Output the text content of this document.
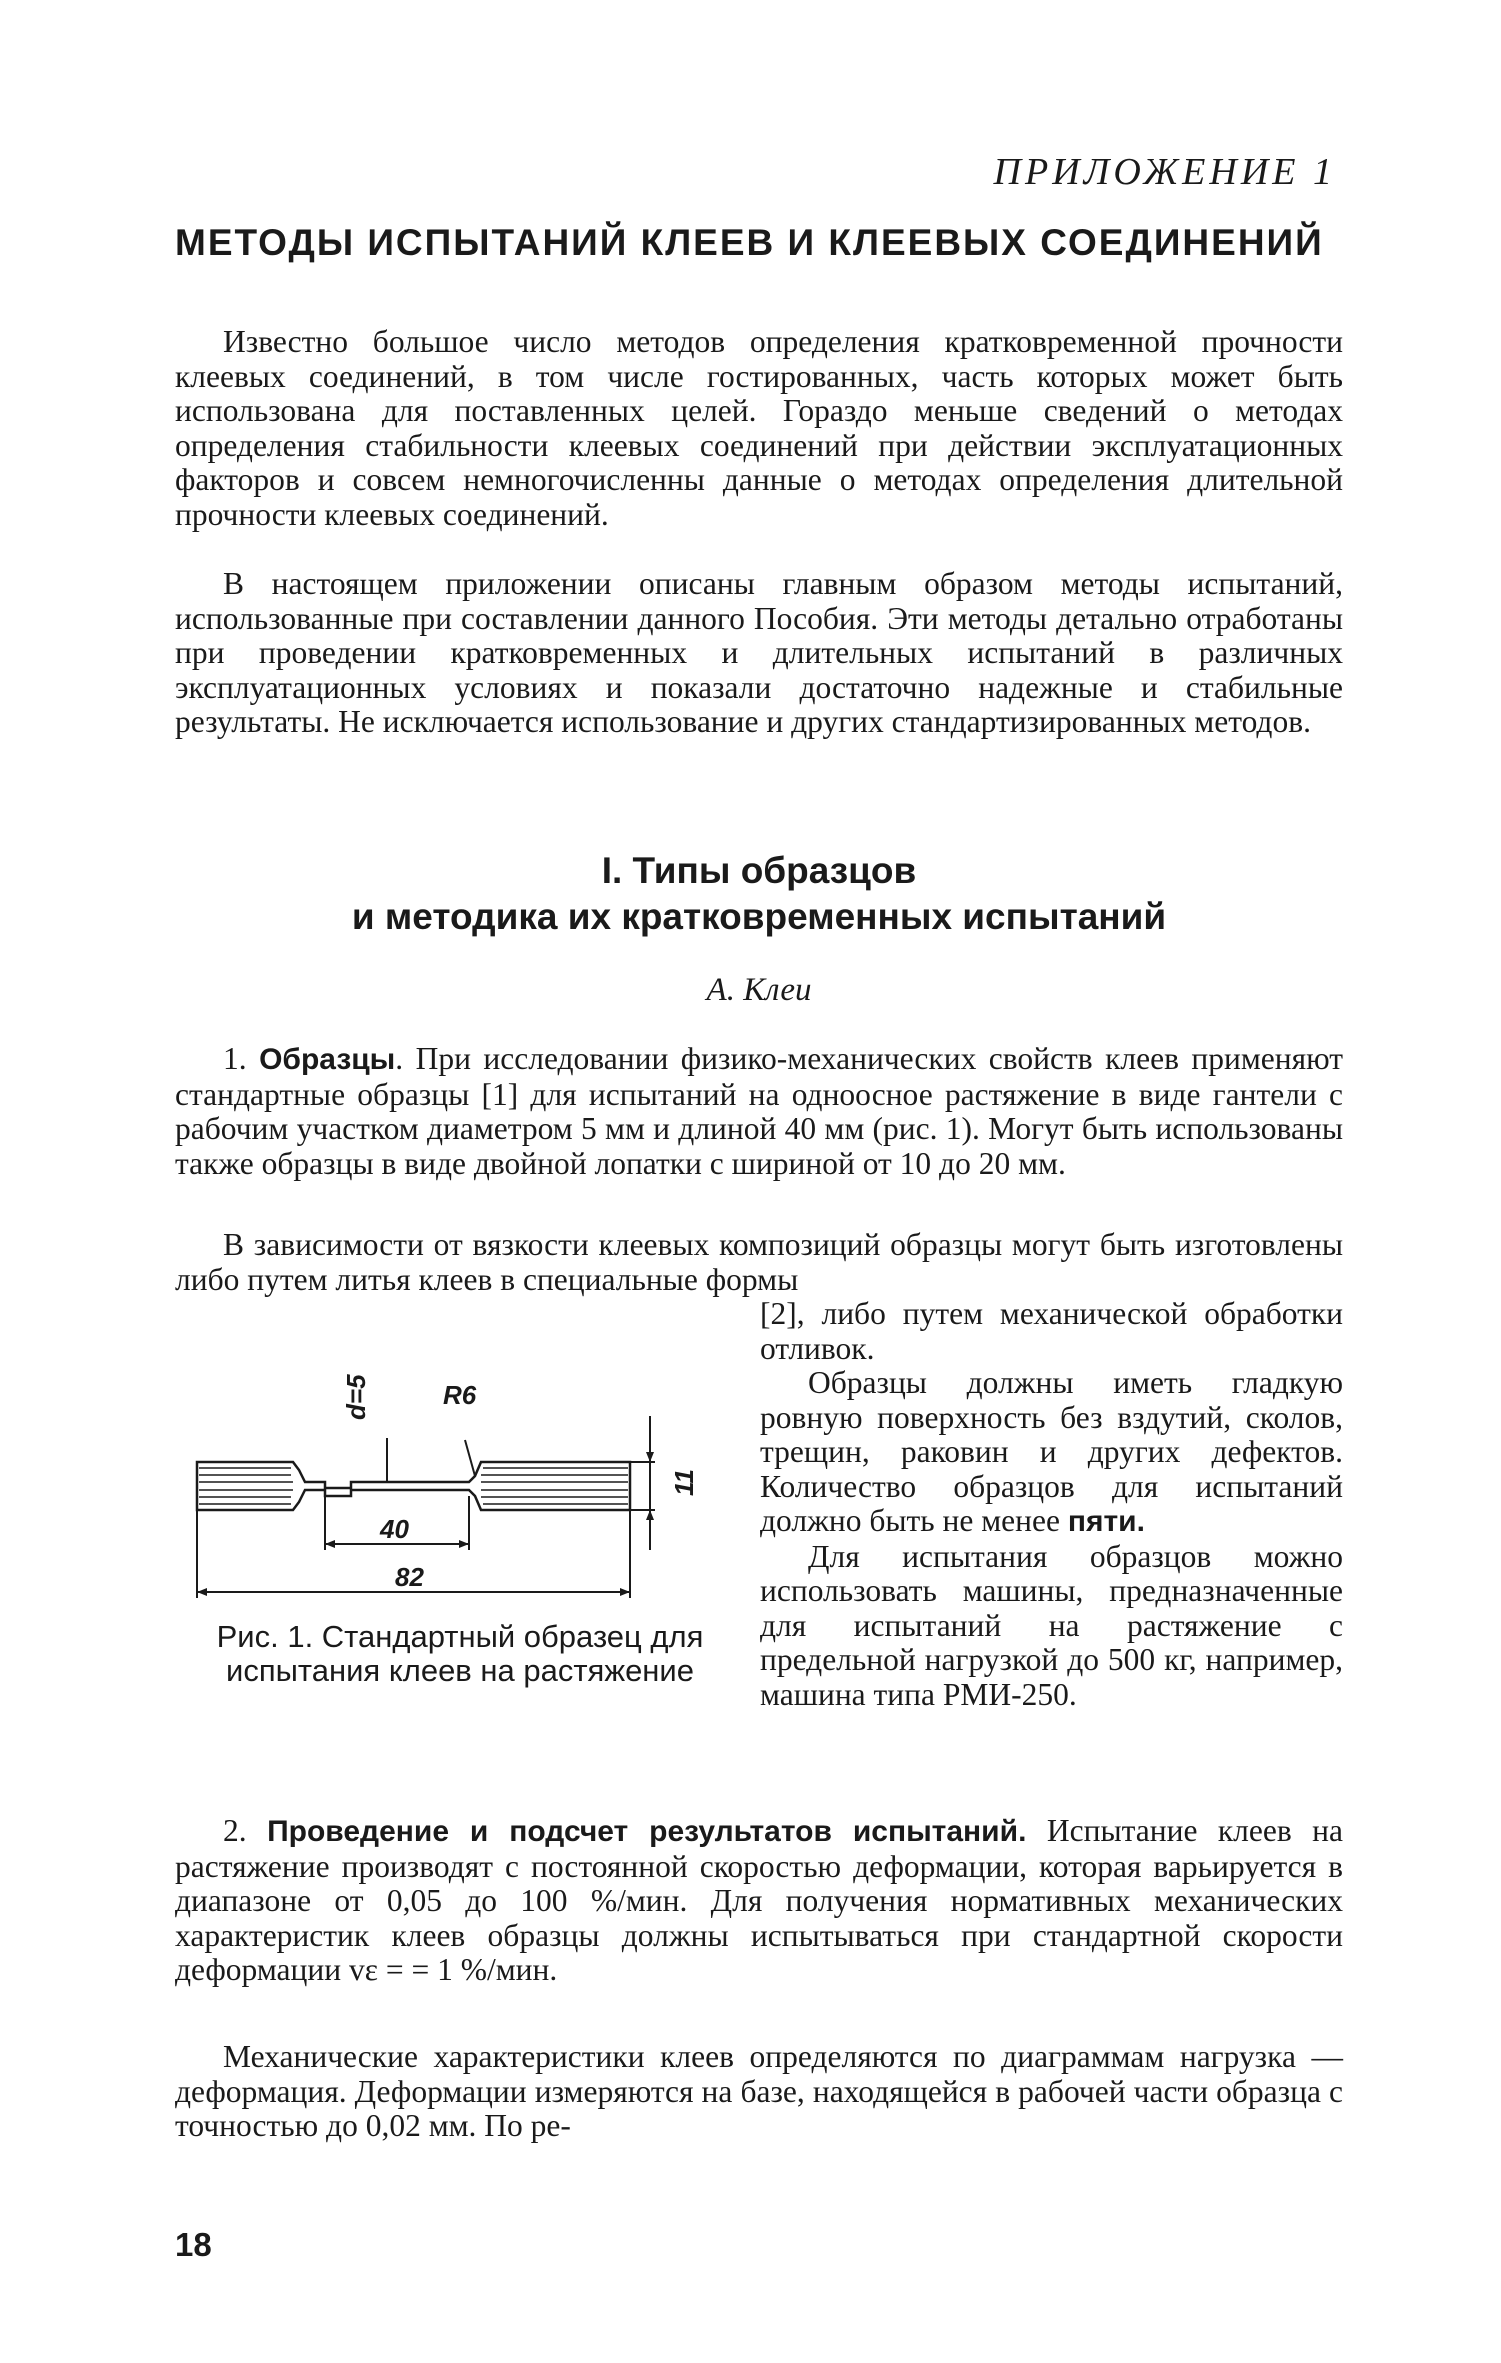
ПРИЛОЖЕНИЕ 1
МЕТОДЫ ИСПЫТАНИЙ КЛЕЕВ И КЛЕЕВЫХ СОЕДИНЕНИЙ

Известно большое число методов определения кратковременной прочности клеевых соединений, в том числе гостированных, часть которых может быть использована для поставленных целей. Гораздо меньше сведений о методах определения стабильности клеевых соединений при действии эксплуатационных факторов и совсем немногочисленны данные о методах определения длительной прочности клеевых соединений.

В настоящем приложении описаны главным образом методы испытаний, использованные при составлении данного Пособия. Эти методы детально отработаны при проведении кратковременных и длительных испытаний в различных эксплуатационных условиях и показали достаточно надежные и стабильные результаты. Не исключается использование и других стандартизированных методов.

I. Типы образцов
и методика их кратковременных испытаний
А. Клеи

1. Образцы. При исследовании физико-механических свойств клеев применяют стандартные образцы [1] для испытаний на одноосное растяжение в виде гантели с рабочим участком диаметром 5 мм и длиной 40 мм (рис. 1). Могут быть использованы также образцы в виде двойной лопатки с шириной от 10 до 20 мм.

В зависимости от вязкости клеевых композиций образцы могут быть изготовлены либо путем литья клеев в специальные формы

[2], либо путем механической обработки отливок.

Образцы должны иметь гладкую ровную поверхность без вздутий, сколов, трещин, раковин и других дефектов. Количество образцов для испытаний должно быть не менее пяти.

Для испытания образцов можно использовать машины, предназначенные для испытаний на растяжение с предельной нагрузкой до 500 кг, например, машина типа РМИ-250.

d=5	R6
40
82
11
Рис. 1. Стандартный образец для испытания клеев на растяжение

2. Проведение и подсчет результатов испытаний. Испытание клеев на растяжение производят с постоянной скоростью деформации, которая варьируется в диапазоне от 0,05 до 100 %/мин. Для получения нормативных механических характеристик клеев образцы должны испытываться при стандартной скорости деформации vε = = 1 %/мин.

Механические характеристики клеев определяются по диаграммам нагрузка — деформация. Деформации измеряются на базе, находящейся в рабочей части образца с точностью до 0,02 мм. По ре-

18
